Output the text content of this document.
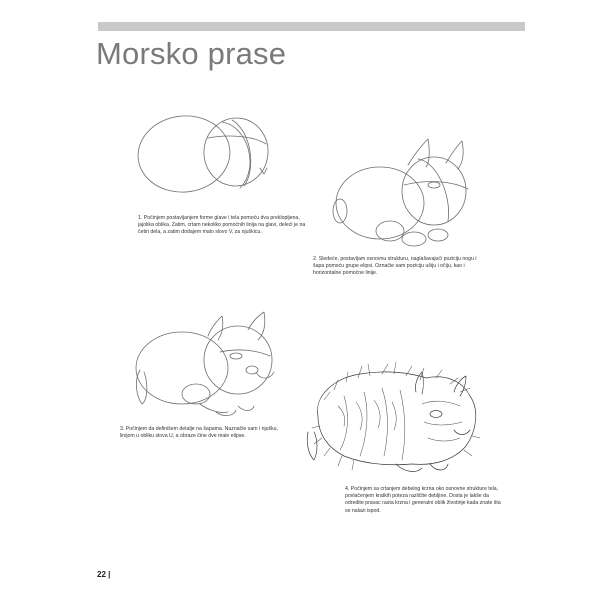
Morsko prase
1. Počinjem postavljanjem forme glave i tela pomoću dva preklopljena, jajolika oblika. Zatim, crtam nekoliko pomoćnih linija na glavi, deleći je na četiri dela, a zatim dodajem malo slovo V, za njuškicu.
2. Sledeće, postavljam osnovnu strukturu, naglašavajući poziciju nogu i šapa pomoću grupe elipsi. Označie sam poziciju ušiju i očiju, kao i horizontalne pomoćne linije.
3. Počinjem da definišem detalje na šapama. Naznačie sam i njušku, linijom u obliku slova U, a obraze čine dve male elipse.
4. Počinjem sa crtanjem debelog krzna oko osnovne strukture tela, povlačenjem kratkih poteza različite debljine. Dosta je lakše da odredite pravac rasta krzna i generalni oblik životinje kada znate šta se nalazi ispod.
22 |
